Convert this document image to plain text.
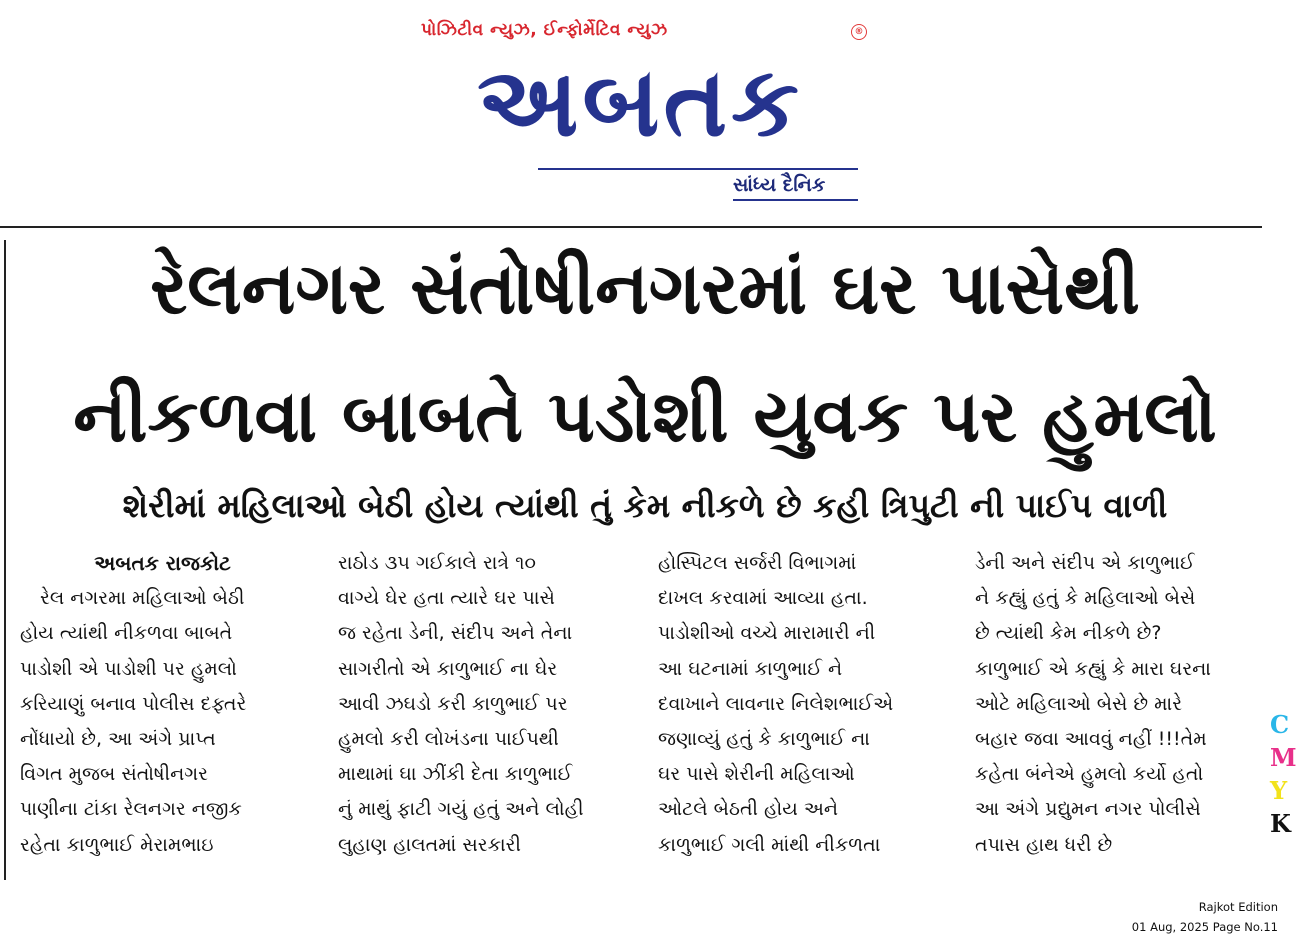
પોઝિટીવ ન્યુઝ, ઈન્ફોર્મેટિવ ન્યુઝ	®
અબતક
સાંધ્ય દૈનિક
રેલનગર સંતોષીનગરમાં ઘર પાસેથી
નીકળવા બાબતે પડોશી યુવક પર હુમલો
શેરીમાં મહિલાઓ બેઠી હોય ત્યાંથી તું કેમ નીકળે છે કહી ત્રિપુટી ની પાઈપ વાળી
અબતક રાજકોટ
રેલ નગરમા મહિલાઓ બેઠી
હોય ત્યાંથી નીકળવા બાબતે
પાડોશી એ પાડોશી પર હુમલો
કરિયાણું બનાવ પોલીસ દફ્તરે
નોંધાયો છે, આ અંગે પ્રાપ્ત
વિગત મુજબ સંતોષીનગર
પાણીના ટાંકા રેલનગર નજીક
રહેતા કાળુભાઈ મેરામભાઇ
રાઠોડ ૩૫ ગઈકાલે રાત્રે ૧૦
વાગ્યે ઘેર હતા ત્યારે ઘર પાસે
જ રહેતા ડેની, સંદીપ અને તેના
સાગરીતો એ કાળુભાઈ ના ઘેર
આવી ઝઘડો કરી કાળુભાઈ પર
હુમલો કરી લોખંડના પાઈપથી
માથામાં ઘા ઝીંકી દેતા કાળુભાઈ
નું માથું ફાટી ગયું હતું અને લોહી
લુહાણ હાલતમાં સરકારી
હોસ્પિટલ સર્જરી વિભાગમાં
દાખલ કરવામાં આવ્યા હતા.
પાડોશીઓ વચ્ચે મારામારી ની
આ ઘટનામાં કાળુભાઈ ને
દવાખાને લાવનાર નિલેશભાઈએ
જણાવ્યું હતું કે કાળુભાઈ ના
ઘર પાસે શેરીની મહિલાઓ
ઓટલે બેઠતી હોય અને
કાળુભાઈ ગલી માંથી નીકળતા
ડેની અને સંદીપ એ કાળુભાઈ
ને કહ્યું હતું કે મહિલાઓ બેસે
છે ત્યાંથી કેમ નીકળે છે?
કાળુભાઈ એ કહ્યું કે મારા ઘરના
ઓટે મહિલાઓ બેસે છે મારે
બહાર જવા આવવું નહીં !!!તેમ
કહેતા બંનેએ હુમલો કર્યો હતો
આ અંગે પ્રદ્યુમન નગર પોલીસે
તપાસ હાથ ધરી છે
C
M
Y
K
Rajkot Edition
01 Aug, 2025 Page No.11
